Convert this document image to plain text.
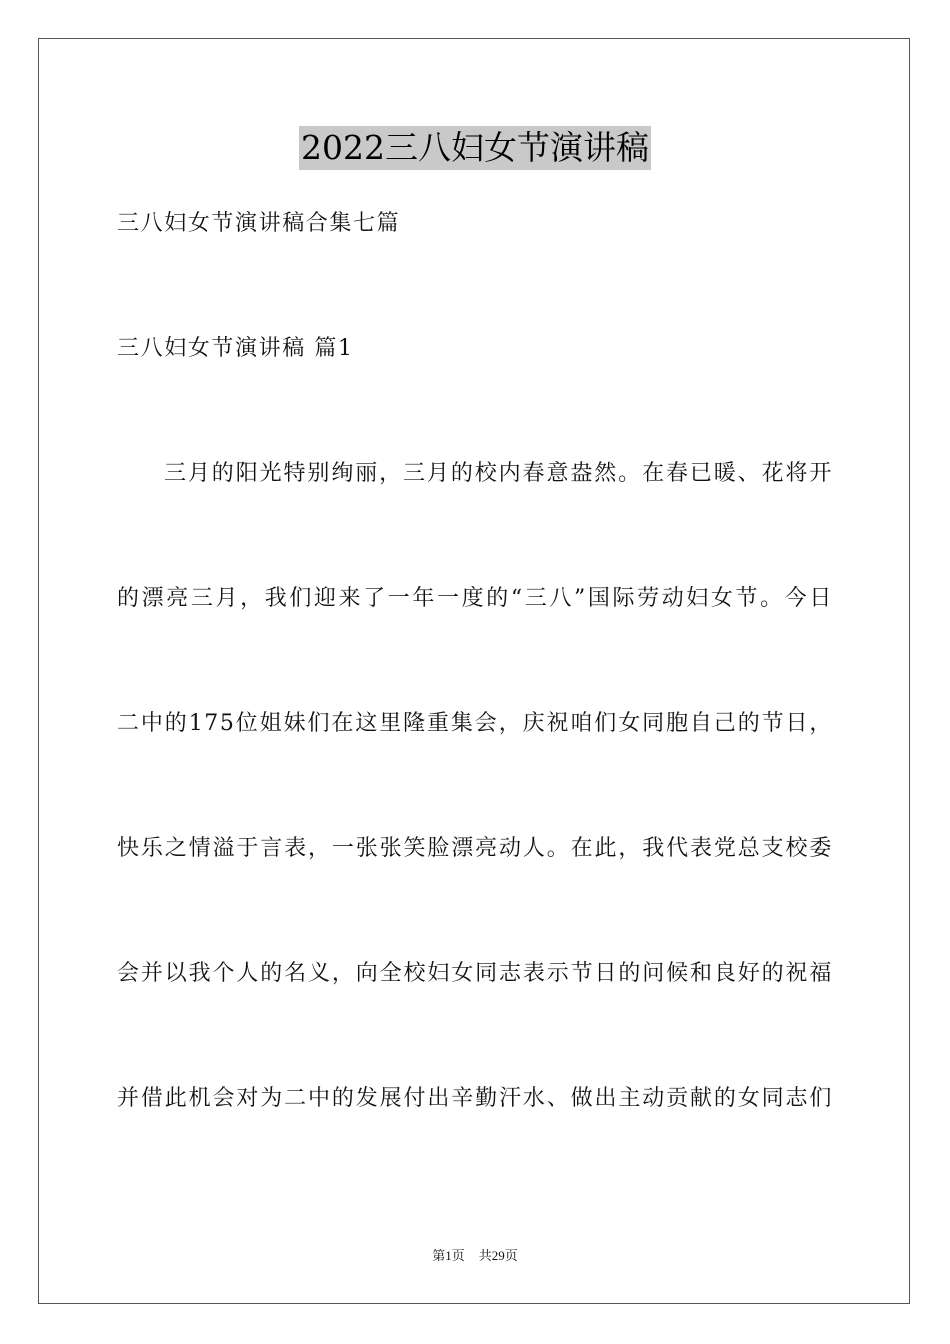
2022三八妇女节演讲稿
三八妇女节演讲稿合集七篇
三八妇女节演讲稿 篇1
三月的阳光特别绚丽，三月的校内春意盎然。在春已暖、花将开
的漂亮三月，我们迎来了一年一度的“三八”国际劳动妇女节。今日
二中的175位姐妹们在这里隆重集会，庆祝咱们女同胞自己的节日，
快乐之情溢于言表，一张张笑脸漂亮动人。在此，我代表党总支校委
会并以我个人的名义，向全校妇女同志表示节日的问候和良好的祝福
并借此机会对为二中的发展付出辛勤汗水、做出主动贡献的女同志们
第1页 共29页
